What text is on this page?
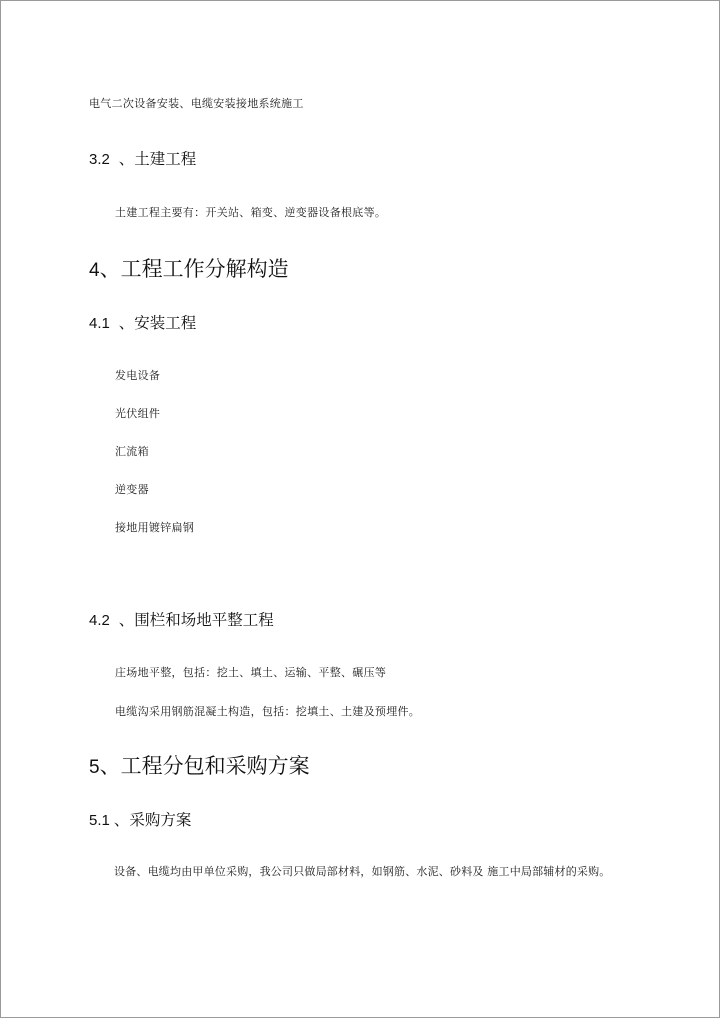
电气二次设备安装、电缆安装接地系统施工
3.2 、土建工程
土建工程主要有：开关站、箱变、逆变器设备根底等。
4、工程工作分解构造
4.1 、安装工程
发电设备
光伏组件
汇流箱
逆变器
接地用镀锌扁钢
4.2 、围栏和场地平整工程
庄场地平整，包括：挖土、填土、运输、平整、碾压等
电缆沟采用钢筋混凝土构造，包括：挖填土、土建及预埋件。
5、工程分包和采购方案
5.1 、采购方案
设备、电缆均由甲单位采购，我公司只做局部材料，如钢筋、水泥、砂料及 施工中局部辅材的采购。
